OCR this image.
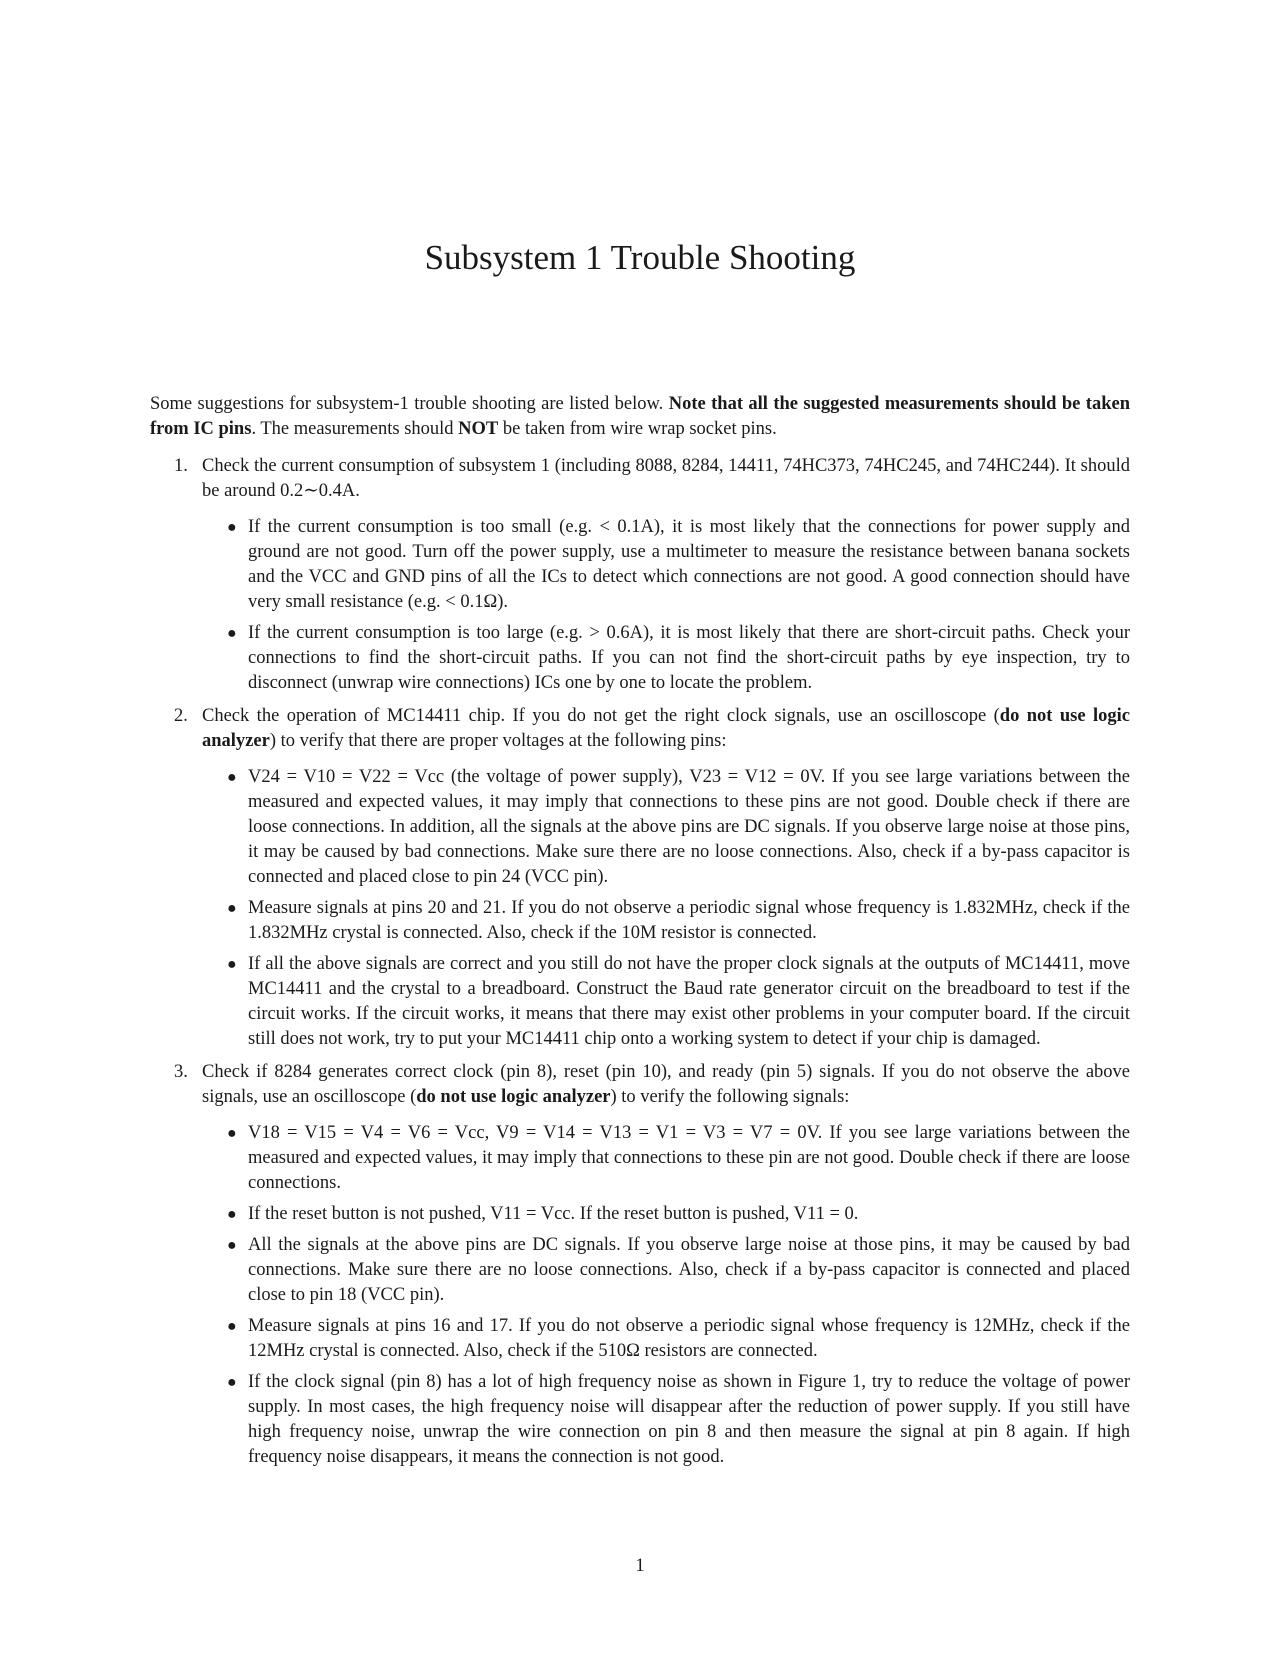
Subsystem 1 Trouble Shooting

Some suggestions for subsystem-1 trouble shooting are listed below. Note that all the suggested measurements should be taken from IC pins. The measurements should NOT be taken from wire wrap socket pins.

1. Check the current consumption of subsystem 1 (including 8088, 8284, 14411, 74HC373, 74HC245, and 74HC244). It should be around 0.2∼0.4A.

● If the current consumption is too small (e.g. < 0.1A), it is most likely that the connections for power supply and ground are not good. Turn off the power supply, use a multimeter to measure the resistance between banana sockets and the VCC and GND pins of all the ICs to detect which connections are not good. A good connection should have very small resistance (e.g. < 0.1Ω).
● If the current consumption is too large (e.g. > 0.6A), it is most likely that there are short-circuit paths. Check your connections to find the short-circuit paths. If you can not find the short-circuit paths by eye inspection, try to disconnect (unwrap wire connections) ICs one by one to locate the problem.
2. Check the operation of MC14411 chip. If you do not get the right clock signals, use an oscilloscope (do not use logic analyzer) to verify that there are proper voltages at the following pins:

● V24 = V10 = V22 = Vcc (the voltage of power supply), V23 = V12 = 0V. If you see large variations between the measured and expected values, it may imply that connections to these pins are not good. Double check if there are loose connections. In addition, all the signals at the above pins are DC signals. If you observe large noise at those pins, it may be caused by bad connections. Make sure there are no loose connections. Also, check if a by-pass capacitor is connected and placed close to pin 24 (VCC pin).
● Measure signals at pins 20 and 21. If you do not observe a periodic signal whose frequency is 1.832MHz, check if the 1.832MHz crystal is connected. Also, check if the 10M resistor is connected.
● If all the above signals are correct and you still do not have the proper clock signals at the outputs of MC14411, move MC14411 and the crystal to a breadboard. Construct the Baud rate generator circuit on the breadboard to test if the circuit works. If the circuit works, it means that there may exist other problems in your computer board. If the circuit still does not work, try to put your MC14411 chip onto a working system to detect if your chip is damaged.
3. Check if 8284 generates correct clock (pin 8), reset (pin 10), and ready (pin 5) signals. If you do not observe the above signals, use an oscilloscope (do not use logic analyzer) to verify the following signals:

● V18 = V15 = V4 = V6 = Vcc, V9 = V14 = V13 = V1 = V3 = V7 = 0V. If you see large variations between the measured and expected values, it may imply that connections to these pin are not good. Double check if there are loose connections.
● If the reset button is not pushed, V11 = Vcc. If the reset button is pushed, V11 = 0.
● All the signals at the above pins are DC signals. If you observe large noise at those pins, it may be caused by bad connections. Make sure there are no loose connections. Also, check if a by-pass capacitor is connected and placed close to pin 18 (VCC pin).
● Measure signals at pins 16 and 17. If you do not observe a periodic signal whose frequency is 12MHz, check if the 12MHz crystal is connected. Also, check if the 510Ω resistors are connected.
● If the clock signal (pin 8) has a lot of high frequency noise as shown in Figure 1, try to reduce the voltage of power supply. In most cases, the high frequency noise will disappear after the reduction of power supply. If you still have high frequency noise, unwrap the wire connection on pin 8 and then measure the signal at pin 8 again. If high frequency noise disappears, it means the connection is not good.
1
